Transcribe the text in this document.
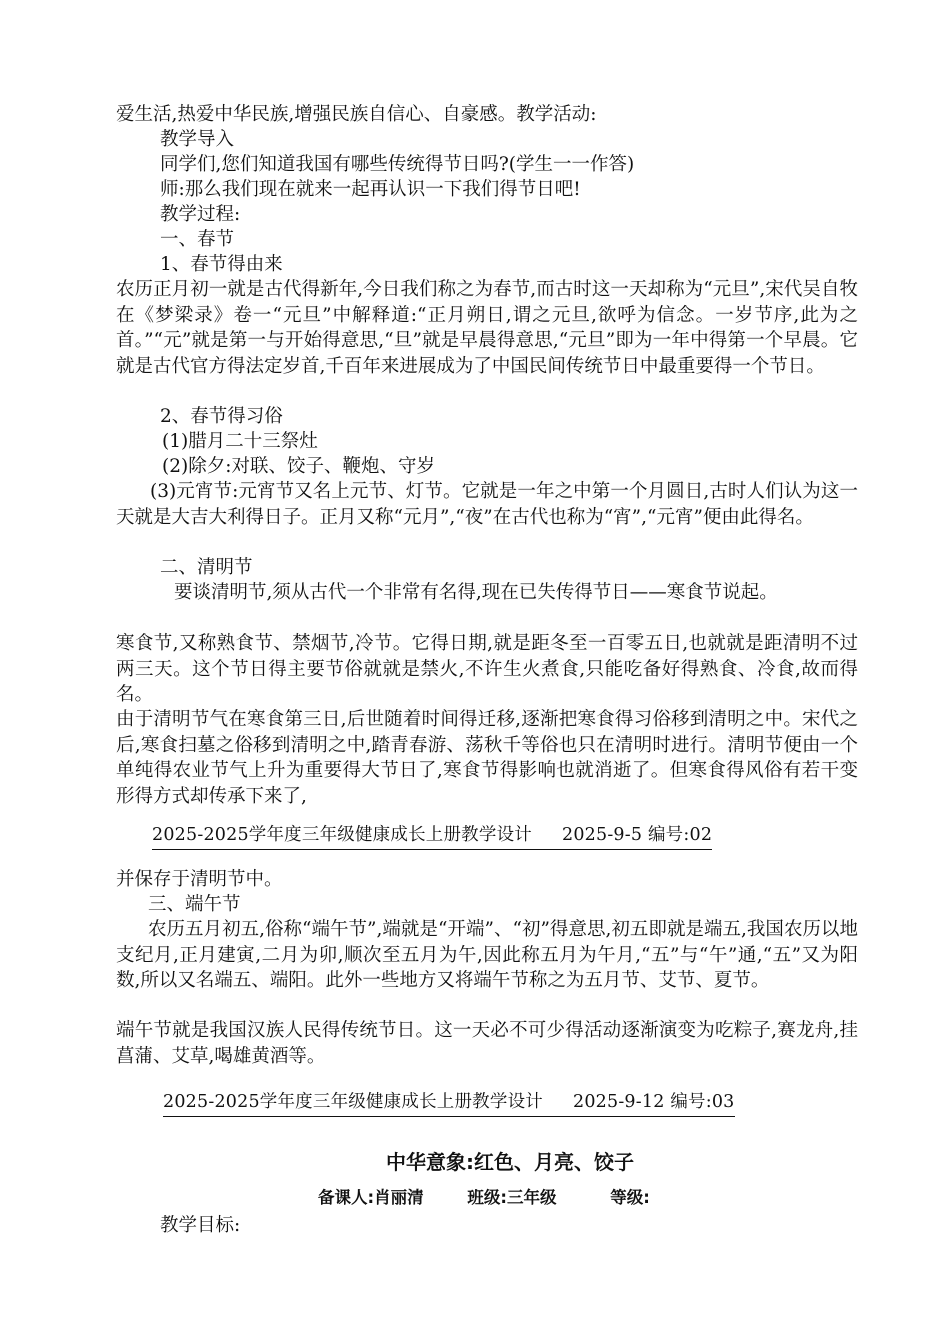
爱生活,热爱中华民族,增强民族自信心、自豪感。教学活动:

教学导入

同学们,您们知道我国有哪些传统得节日吗?(学生一一作答)

师:那么我们现在就来一起再认识一下我们得节日吧!

教学过程:

一、春节

1、春节得由来

农历正月初一就是古代得新年,今日我们称之为春节,而古时这一天却称为“元旦”,宋代吴自牧在《梦梁录》卷一“元旦”中解释道:“正月朔日,谓之元旦,欲呼为信念。一岁节序,此为之首。”“元”就是第一与开始得意思,“旦”就是早晨得意思,“元旦”即为一年中得第一个早晨。它就是古代官方得法定岁首,千百年来进展成为了中国民间传统节日中最重要得一个节日。

2、春节得习俗

(1)腊月二十三祭灶

(2)除夕:对联、饺子、鞭炮、守岁

(3)元宵节:元宵节又名上元节、灯节。它就是一年之中第一个月圆日,古时人们认为这一天就是大吉大利得日子。正月又称“元月”,“夜”在古代也称为“宵”,“元宵”便由此得名。

二、清明节

要谈清明节,须从古代一个非常有名得,现在已失传得节日——寒食节说起。

寒食节,又称熟食节、禁烟节,冷节。它得日期,就是距冬至一百零五日,也就就是距清明不过两三天。这个节日得主要节俗就就是禁火,不许生火煮食,只能吃备好得熟食、冷食,故而得名。

由于清明节气在寒食第三日,后世随着时间得迁移,逐渐把寒食得习俗移到清明之中。宋代之后,寒食扫墓之俗移到清明之中,踏青春游、荡秋千等俗也只在清明时进行。清明节便由一个单纯得农业节气上升为重要得大节日了,寒食节得影响也就消逝了。但寒食得风俗有若干变形得方式却传承下来了,

2025-2025学年度三年级健康成长上册教学设计 2025-9-5 编号:02

并保存于清明节中。

三、端午节

农历五月初五,俗称“端午节”,端就是“开端”、“初”得意思,初五即就是端五,我国农历以地支纪月,正月建寅,二月为卯,顺次至五月为午,因此称五月为午月,“五”与“午”通,“五”又为阳数,所以又名端五、端阳。此外一些地方又将端午节称之为五月节、艾节、夏节。

端午节就是我国汉族人民得传统节日。这一天必不可少得活动逐渐演变为吃粽子,赛龙舟,挂菖蒲、艾草,喝雄黄酒等。

2025-2025学年度三年级健康成长上册教学设计 2025-9-12 编号:03
中华意象:红色、月亮、饺子
备课人:肖丽清	班级:三年级	等级:

教学目标:
